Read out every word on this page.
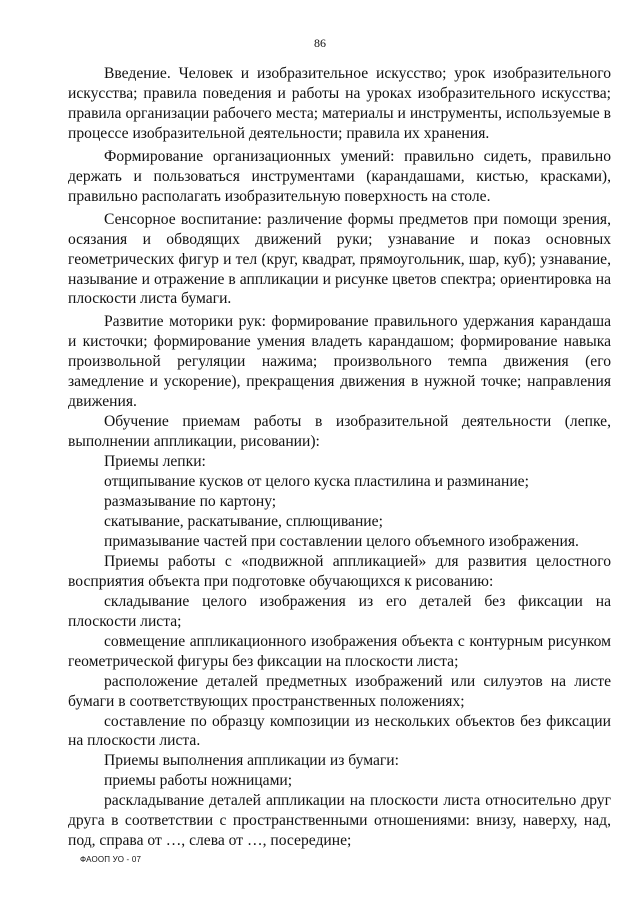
86

Введение. Человек и изобразительное искусство; урок изобразительного искусства; правила поведения и работы на уроках изобразительного искусства; правила организации рабочего места; материалы и инструменты, используемые в процессе изобразительной деятельности; правила их хранения.

Формирование организационных умений: правильно сидеть, правильно держать и пользоваться инструментами (карандашами, кистью, красками), правильно располагать изобразительную поверхность на столе.

Сенсорное воспитание: различение формы предметов при помощи зрения, осязания и обводящих движений руки; узнавание и показ основных геометрических фигур и тел (круг, квадрат, прямоугольник, шар, куб); узнавание, называние и отражение в аппликации и рисунке цветов спектра; ориентировка на плоскости листа бумаги.

Развитие моторики рук: формирование правильного удержания карандаша и кисточки; формирование умения владеть карандашом; формирование навыка произвольной регуляции нажима; произвольного темпа движения (его замедление и ускорение), прекращения движения в нужной точке; направления движения.

Обучение приемам работы в изобразительной деятельности (лепке, выполнении аппликации, рисовании):

Приемы лепки:

отщипывание кусков от целого куска пластилина и разминание;

размазывание по картону;

скатывание, раскатывание, сплющивание;

примазывание частей при составлении целого объемного изображения.

Приемы работы с «подвижной аппликацией» для развития целостного восприятия объекта при подготовке обучающихся к рисованию:

складывание целого изображения из его деталей без фиксации на плоскости листа;

совмещение аппликационного изображения объекта с контурным рисунком геометрической фигуры без фиксации на плоскости листа;

расположение деталей предметных изображений или силуэтов на листе бумаги в соответствующих пространственных положениях;

составление по образцу композиции из нескольких объектов без фиксации на плоскости листа.

Приемы выполнения аппликации из бумаги:

приемы работы ножницами;

раскладывание деталей аппликации на плоскости листа относительно друг друга в соответствии с пространственными отношениями: внизу, наверху, над, под, справа от …, слева от …, посередине;

ФАООП УО - 07
